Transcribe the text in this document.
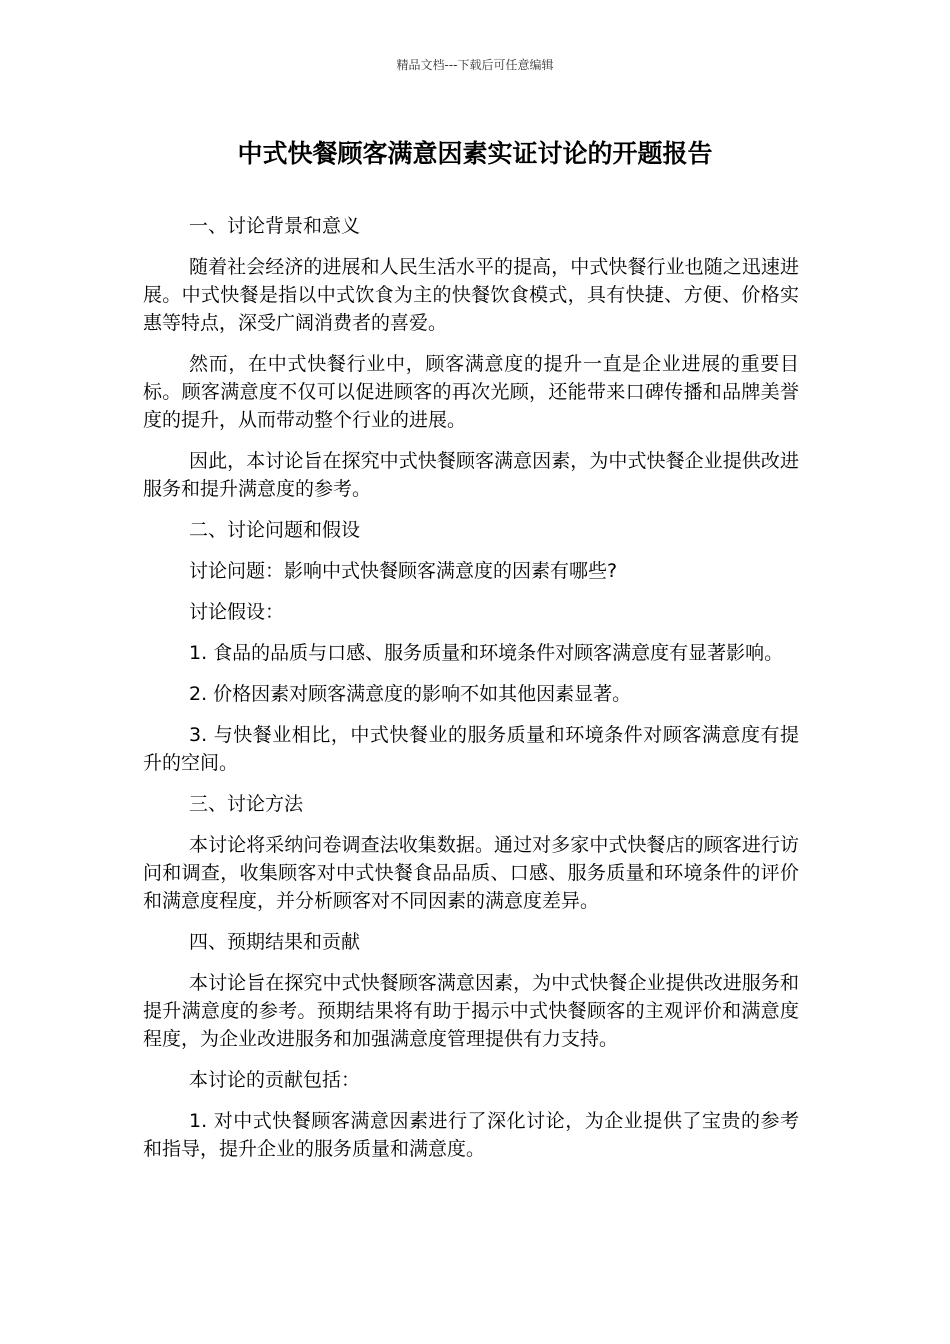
精品文档---下载后可任意编辑
中式快餐顾客满意因素实证讨论的开题报告

一、讨论背景和意义

随着社会经济的进展和人民生活水平的提高，中式快餐行业也随之迅速进展。中式快餐是指以中式饮食为主的快餐饮食模式，具有快捷、方便、价格实惠等特点，深受广阔消费者的喜爱。

然而，在中式快餐行业中，顾客满意度的提升一直是企业进展的重要目标。顾客满意度不仅可以促进顾客的再次光顾，还能带来口碑传播和品牌美誉度的提升，从而带动整个行业的进展。

因此，本讨论旨在探究中式快餐顾客满意因素，为中式快餐企业提供改进服务和提升满意度的参考。

二、讨论问题和假设

讨论问题：影响中式快餐顾客满意度的因素有哪些?

讨论假设：

1. 食品的品质与口感、服务质量和环境条件对顾客满意度有显著影响。

2. 价格因素对顾客满意度的影响不如其他因素显著。

3. 与快餐业相比，中式快餐业的服务质量和环境条件对顾客满意度有提升的空间。

三、讨论方法

本讨论将采纳问卷调查法收集数据。通过对多家中式快餐店的顾客进行访问和调查，收集顾客对中式快餐食品品质、口感、服务质量和环境条件的评价和满意度程度，并分析顾客对不同因素的满意度差异。

四、预期结果和贡献

本讨论旨在探究中式快餐顾客满意因素，为中式快餐企业提供改进服务和提升满意度的参考。预期结果将有助于揭示中式快餐顾客的主观评价和满意度程度，为企业改进服务和加强满意度管理提供有力支持。

本讨论的贡献包括：

1. 对中式快餐顾客满意因素进行了深化讨论，为企业提供了宝贵的参考和指导，提升企业的服务质量和满意度。
